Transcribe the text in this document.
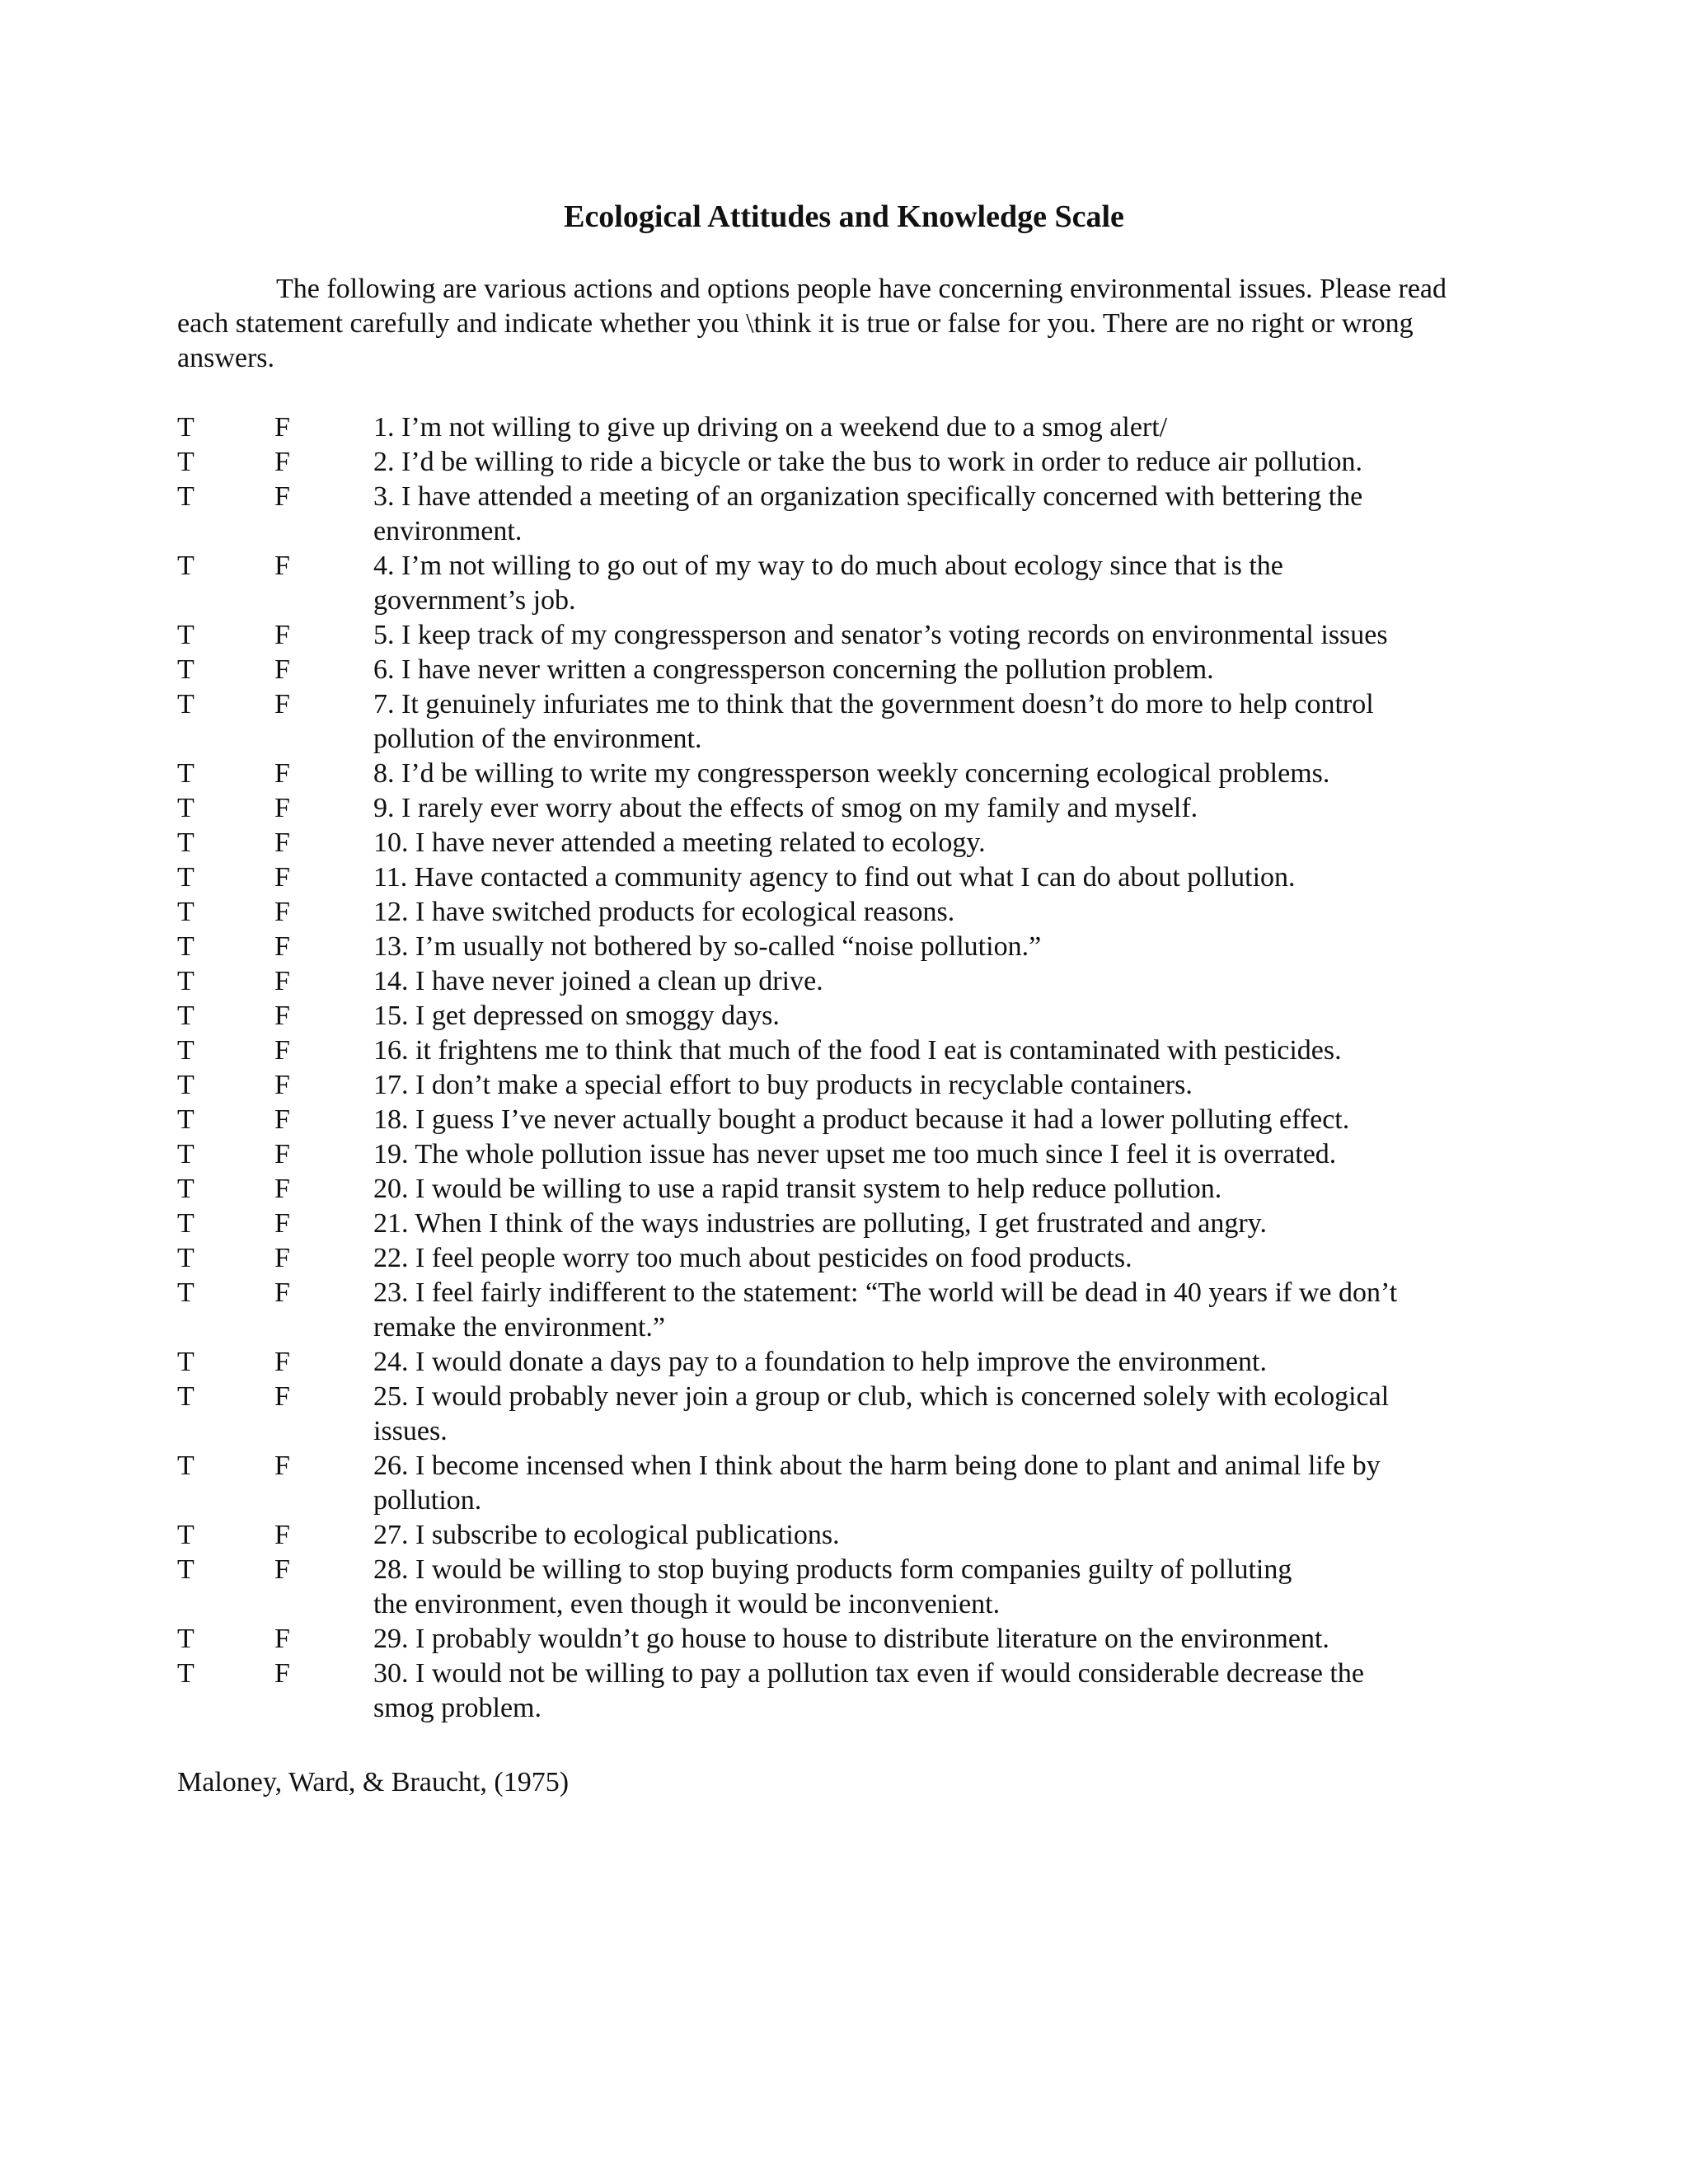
Ecological Attitudes and Knowledge Scale

The following are various actions and options people have concerning environmental issues. Please read each statement carefully and indicate whether you \think it is true or false for you. There are no right or wrong answers.

T	F	1. I’m not willing to give up driving on a weekend due to a smog alert/
T	F	2. I’d be willing to ride a bicycle or take the bus to work in order to reduce air pollution.
T	F	3. I have attended a meeting of an organization specifically concerned with bettering the
environment.
T	F	4. I’m not willing to go out of my way to do much about ecology since that is the
government’s job.
T	F	5. I keep track of my congressperson and senator’s voting records on environmental issues
T	F	6. I have never written a congressperson concerning the pollution problem.
T	F	7. It genuinely infuriates me to think that the government doesn’t do more to help control
pollution of the environment.
T	F	8. I’d be willing to write my congressperson weekly concerning ecological problems.
T	F	9. I rarely ever worry about the effects of smog on my family and myself.
T	F	10. I have never attended a meeting related to ecology.
T	F	11. Have contacted a community agency to find out what I can do about pollution.
T	F	12. I have switched products for ecological reasons.
T	F	13. I’m usually not bothered by so-called “noise pollution.”
T	F	14. I have never joined a clean up drive.
T	F	15. I get depressed on smoggy days.
T	F	16. it frightens me to think that much of the food I eat is contaminated with pesticides.
T	F	17. I don’t make a special effort to buy products in recyclable containers.
T	F	18. I guess I’ve never actually bought a product because it had a lower polluting effect.
T	F	19. The whole pollution issue has never upset me too much since I feel it is overrated.
T	F	20. I would be willing to use a rapid transit system to help reduce pollution.
T	F	21. When I think of the ways industries are polluting, I get frustrated and angry.
T	F	22. I feel people worry too much about pesticides on food products.
T	F	23. I feel fairly indifferent to the statement: “The world will be dead in 40 years if we don’t
remake the environment.”
T	F	24. I would donate a days pay to a foundation to help improve the environment.
T	F	25. I would probably never join a group or club, which is concerned solely with ecological
issues.
T	F	26. I become incensed when I think about the harm being done to plant and animal life by
pollution.
T	F	27. I subscribe to ecological publications.
T	F	28. I would be willing to stop buying products form companies guilty of polluting
the environment, even though it would be inconvenient.
T	F	29. I probably wouldn’t go house to house to distribute literature on the environment.
T	F	30. I would not be willing to pay a pollution tax even if would considerable decrease the
smog problem.

Maloney, Ward, & Braucht, (1975)
